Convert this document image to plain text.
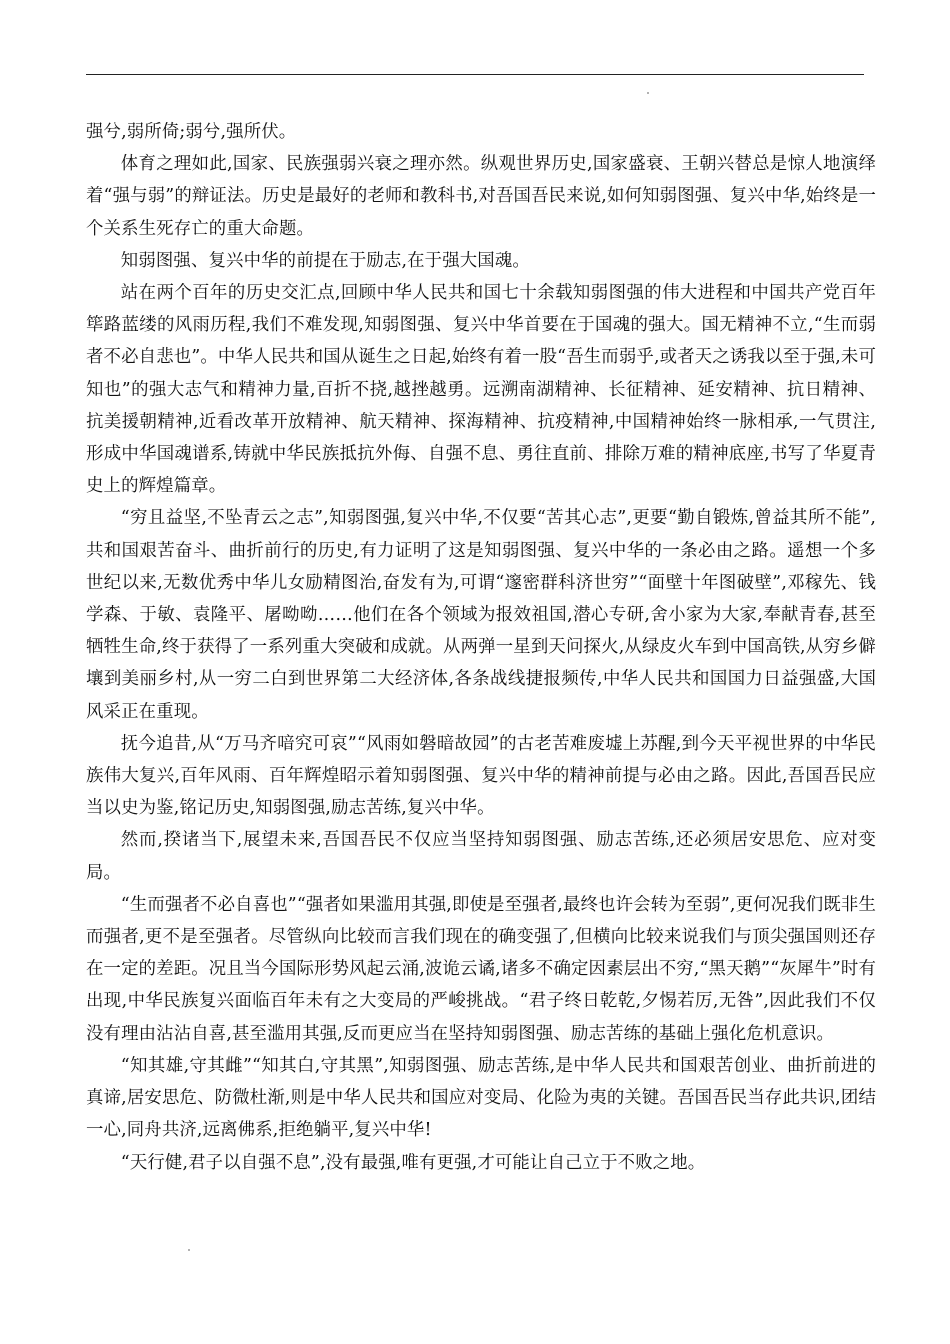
强兮,弱所倚;弱兮,强所伏。

体育之理如此,国家、民族强弱兴衰之理亦然。纵观世界历史,国家盛衰、王朝兴替总是惊人地演绎着“强与弱”的辩证法。历史是最好的老师和教科书,对吾国吾民来说,如何知弱图强、复兴中华,始终是一个关系生死存亡的重大命题。

知弱图强、复兴中华的前提在于励志,在于强大国魂。

站在两个百年的历史交汇点,回顾中华人民共和国七十余载知弱图强的伟大进程和中国共产党百年筚路蓝缕的风雨历程,我们不难发现,知弱图强、复兴中华首要在于国魂的强大。国无精神不立,“生而弱者不必自悲也”。中华人民共和国从诞生之日起,始终有着一股“吾生而弱乎,或者天之诱我以至于强,未可知也”的强大志气和精神力量,百折不挠,越挫越勇。远溯南湖精神、长征精神、延安精神、抗日精神、抗美援朝精神,近看改革开放精神、航天精神、探海精神、抗疫精神,中国精神始终一脉相承,一气贯注,形成中华国魂谱系,铸就中华民族抵抗外侮、自强不息、勇往直前、排除万难的精神底座,书写了华夏青史上的辉煌篇章。

“穷且益坚,不坠青云之志”,知弱图强,复兴中华,不仅要“苦其心志”,更要“勤自锻炼,曾益其所不能”,共和国艰苦奋斗、曲折前行的历史,有力证明了这是知弱图强、复兴中华的一条必由之路。遥想一个多世纪以来,无数优秀中华儿女励精图治,奋发有为,可谓“邃密群科济世穷”“面壁十年图破壁”,邓稼先、钱学森、于敏、袁隆平、屠呦呦……他们在各个领域为报效祖国,潜心专研,舍小家为大家,奉献青春,甚至牺牲生命,终于获得了一系列重大突破和成就。从两弹一星到天问探火,从绿皮火车到中国高铁,从穷乡僻壤到美丽乡村,从一穷二白到世界第二大经济体,各条战线捷报频传,中华人民共和国国力日益强盛,大国风采正在重现。

抚今追昔,从“万马齐喑究可哀”“风雨如磐暗故园”的古老苦难废墟上苏醒,到今天平视世界的中华民族伟大复兴,百年风雨、百年辉煌昭示着知弱图强、复兴中华的精神前提与必由之路。因此,吾国吾民应当以史为鉴,铭记历史,知弱图强,励志苦练,复兴中华。

然而,揆诸当下,展望未来,吾国吾民不仅应当坚持知弱图强、励志苦练,还必须居安思危、应对变局。

“生而强者不必自喜也”“强者如果滥用其强,即使是至强者,最终也许会转为至弱”,更何况我们既非生而强者,更不是至强者。尽管纵向比较而言我们现在的确变强了,但横向比较来说我们与顶尖强国则还存在一定的差距。况且当今国际形势风起云涌,波诡云谲,诸多不确定因素层出不穷,“黑天鹅”“灰犀牛”时有出现,中华民族复兴面临百年未有之大变局的严峻挑战。“君子终日乾乾,夕惕若厉,无咎”,因此我们不仅没有理由沾沾自喜,甚至滥用其强,反而更应当在坚持知弱图强、励志苦练的基础上强化危机意识。

“知其雄,守其雌”“知其白,守其黑”,知弱图强、励志苦练,是中华人民共和国艰苦创业、曲折前进的真谛,居安思危、防微杜渐,则是中华人民共和国应对变局、化险为夷的关键。吾国吾民当存此共识,团结一心,同舟共济,远离佛系,拒绝躺平,复兴中华!

“天行健,君子以自强不息”,没有最强,唯有更强,才可能让自己立于不败之地。
